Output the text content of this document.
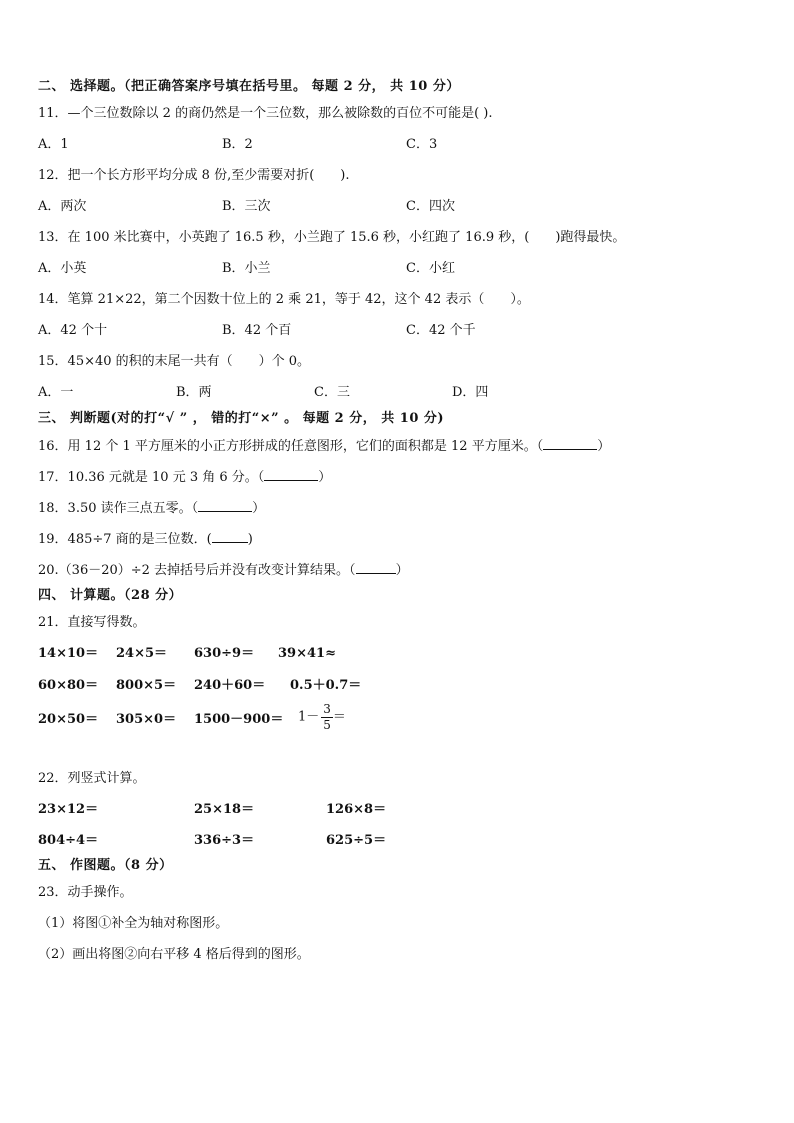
二、 选择题。（把正确答案序号填在括号里。 每题 2 分， 共 10 分）
11．—个三位数除以 2 的商仍然是一个三位数，那么被除数的百位不可能是( ).
A．1	B．2	C．3
12．把一个长方形平均分成 8 份,至少需要对折(　　).
A．两次	B．三次	C．四次
13．在 100 米比赛中，小英跑了 16.5 秒，小兰跑了 15.6 秒，小红跑了 16.9 秒，(　　)跑得最快。
A．小英	B．小兰	C．小红
14．笔算 21×22，第二个因数十位上的 2 乘 21，等于 42，这个 42 表示（　　）。
A．42 个十	B．42 个百	C．42 个千
15．45×40 的积的末尾一共有（　　）个 0。
A．一	B．两	C．三	D．四
三、 判断题(对的打“√ ” ， 错的打“×” 。 每题 2 分， 共 10 分)
16．用 12 个 1 平方厘米的小正方形拼成的任意图形，它们的面积都是 12 平方厘米。（	）
17．10.36 元就是 10 元 3 角 6 分。（	）
18．3.50 读作三点五零。（	）
19．485÷7 商的是三位数．(	)
20.（36－20）÷2 去掉括号后并没有改变计算结果。（	）
四、 计算题。（28 分）
21．直接写得数。
14×10＝ 24×5＝ 630÷9＝ 39×41≈
60×80＝ 800×5＝ 240＋60＝ 0.5＋0.7＝
$20\times 50= 305\times 0= 1500-900= 1- \frac{3}{5}$ ＝
22．列竖式计算。
23×12＝	25×18＝	126×8＝
804÷4＝	336÷3＝	625÷5＝
五、 作图题。（8 分）
23．动手操作。
（1）将图①补全为轴对称图形。
（2）画出将图②向右平移 4 格后得到的图形。
